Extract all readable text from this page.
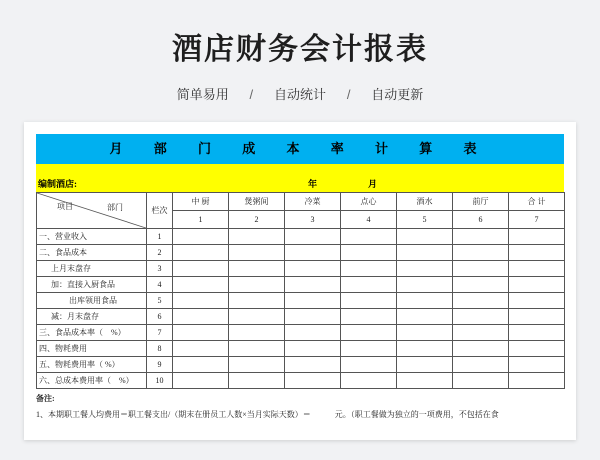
酒店财务会计报表
简单易用 / 自动统计 / 自动更新
月 部 门 成 本 率 计 算 表
编制酒店:	年	月
项目 部门	栏次	中 厨	煲粥间	冷菜	点心	酒水	前厅	合 计
		1	2	3	4	5	6	7
一、营业收入	1							
二、食品成本	2							
上月末盘存	3							
加：直接入厨食品	4							
出库领用食品	5							
减：月末盘存	6							
三、食品成本率（　%）	7							
四、物耗费用	8							
五、物耗费用率（ %）	9							
六、总成本费用率（　%）	10							
备注:
1、本期职工餐人均费用＝职工餐支出/（期末在册员工人数×当月实际天数）＝　　　元。（职工餐做为独立的一项费用，不包括在食
